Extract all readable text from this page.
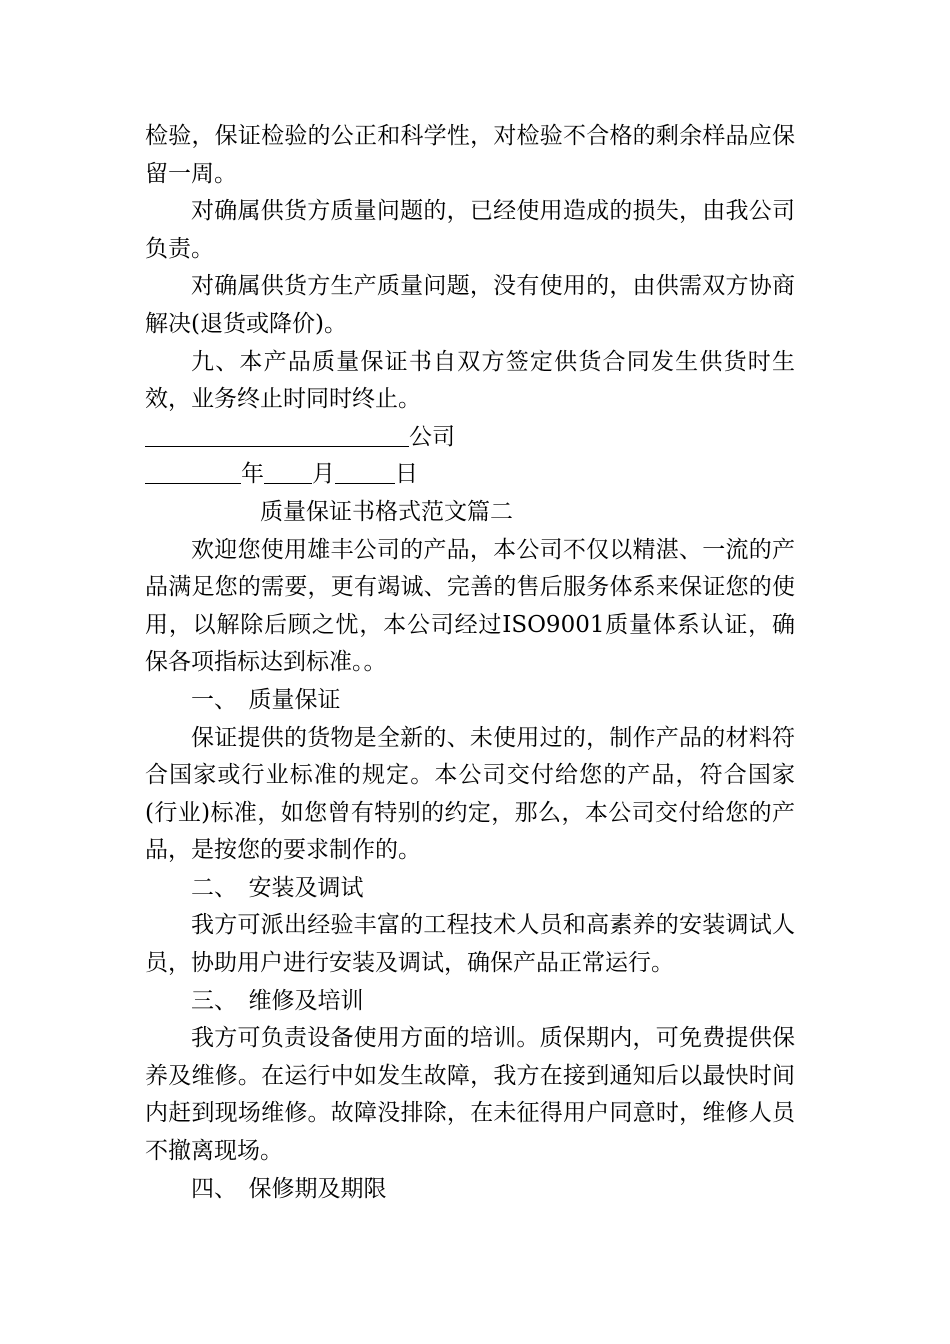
检验，保证检验的公正和科学性，对检验不合格的剩余样品应保留一周。

对确属供货方质量问题的，已经使用造成的损失，由我公司负责。

对确属供货方生产质量问题，没有使用的，由供需双方协商解决(退货或降价)。

九、本产品质量保证书自双方签定供货合同发生供货时生效，业务终止时同时终止。

公司

年 月	日

质量保证书格式范文篇二

欢迎您使用雄丰公司的产品，本公司不仅以精湛、一流的产品满足您的需要，更有竭诚、完善的售后服务体系来保证您的使用，以解除后顾之忧，本公司经过ISO9001质量体系认证，确保各项指标达到标准。。

一、　质量保证

保证提供的货物是全新的、未使用过的，制作产品的材料符合国家或行业标准的规定。本公司交付给您的产品，符合国家(行业)标准，如您曾有特别的约定，那么，本公司交付给您的产品，是按您的要求制作的。

二、　安装及调试

我方可派出经验丰富的工程技术人员和高素养的安装调试人员，协助用户进行安装及调试，确保产品正常运行。

三、　维修及培训

我方可负责设备使用方面的培训。质保期内，可免费提供保养及维修。在运行中如发生故障，我方在接到通知后以最快时间内赶到现场维修。故障没排除，在未征得用户同意时，维修人员不撤离现场。

四、　保修期及期限
